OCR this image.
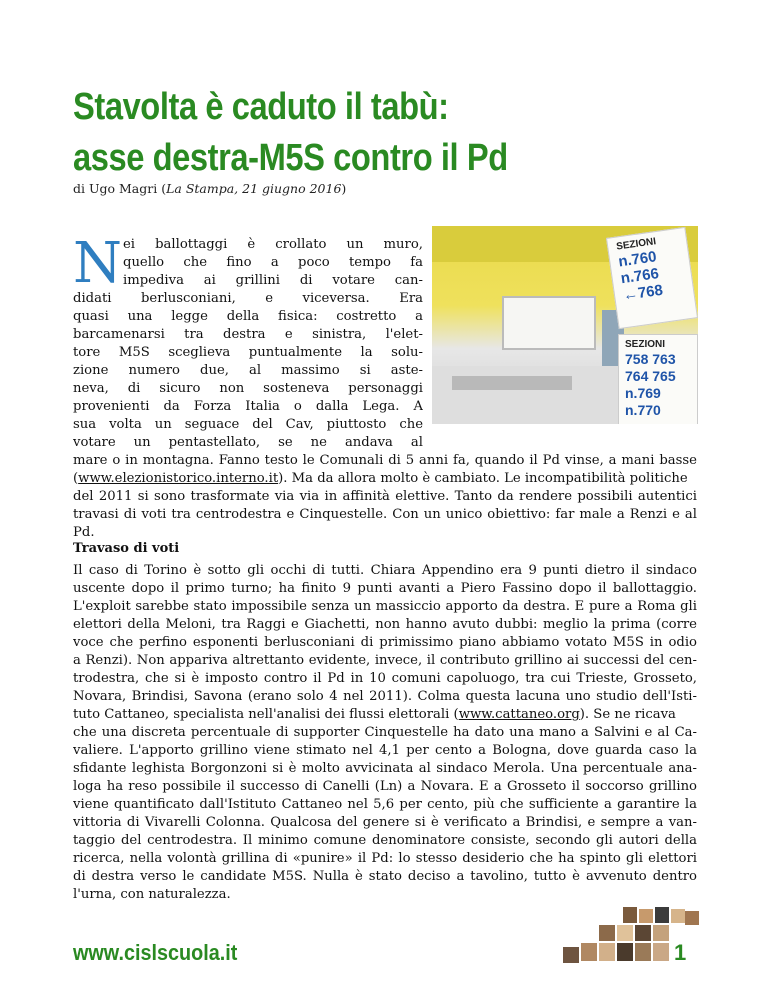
Stavolta è caduto il tabù:
asse destra-M5S contro il Pd
di Ugo Magri (La Stampa, 21 giugno 2016)
SEZIONI
n.760
n.766
←768
SEZIONI
758 763
764 765
n.769
n.770
N ei ballottaggi è crollato un muro,
quello che fino a poco tempo fa
impediva ai grillini di votare can-
didati berlusconiani, e viceversa. Era
quasi una legge della fisica: costretto a
barcamenarsi tra destra e sinistra, l'elet-
tore M5S sceglieva puntualmente la solu-
zione numero due, al massimo si aste-
neva, di sicuro non sosteneva personaggi
provenienti da Forza Italia o dalla Lega. A
sua volta un seguace del Cav, piuttosto che
votare un pentastellato, se ne andava al
mare o in montagna. Fanno testo le Comunali di 5 anni fa, quando il Pd vinse, a mani basse
(www.elezionistorico.interno.it). Ma da allora molto è cambiato. Le incompatibilità politiche
del 2011 si sono trasformate via via in affinità elettive. Tanto da rendere possibili autentici
travasi di voti tra centrodestra e Cinquestelle. Con un unico obiettivo: far male a Renzi e al
Pd.
Travaso di voti
Il caso di Torino è sotto gli occhi di tutti. Chiara Appendino era 9 punti dietro il sindaco
uscente dopo il primo turno; ha finito 9 punti avanti a Piero Fassino dopo il ballottaggio.
L'exploit sarebbe stato impossibile senza un massiccio apporto da destra. E pure a Roma gli
elettori della Meloni, tra Raggi e Giachetti, non hanno avuto dubbi: meglio la prima (corre
voce che perfino esponenti berlusconiani di primissimo piano abbiamo votato M5S in odio
a Renzi). Non appariva altrettanto evidente, invece, il contributo grillino ai successi del cen-
trodestra, che si è imposto contro il Pd in 10 comuni capoluogo, tra cui Trieste, Grosseto,
Novara, Brindisi, Savona (erano solo 4 nel 2011). Colma questa lacuna uno studio dell'Isti-
tuto Cattaneo, specialista nell'analisi dei flussi elettorali (www.cattaneo.org). Se ne ricava
che una discreta percentuale di supporter Cinquestelle ha dato una mano a Salvini e al Ca-
valiere. L'apporto grillino viene stimato nel 4,1 per cento a Bologna, dove guarda caso la
sfidante leghista Borgonzoni si è molto avvicinata al sindaco Merola. Una percentuale ana-
loga ha reso possibile il successo di Canelli (Ln) a Novara. E a Grosseto il soccorso grillino
viene quantificato dall'Istituto Cattaneo nel 5,6 per cento, più che sufficiente a garantire la
vittoria di Vivarelli Colonna. Qualcosa del genere si è verificato a Brindisi, e sempre a van-
taggio del centrodestra. Il minimo comune denominatore consiste, secondo gli autori della
ricerca, nella volontà grillina di «punire» il Pd: lo stesso desiderio che ha spinto gli elettori
di destra verso le candidate M5S. Nulla è stato deciso a tavolino, tutto è avvenuto dentro
l'urna, con naturalezza.
www.cislscuola.it	1
